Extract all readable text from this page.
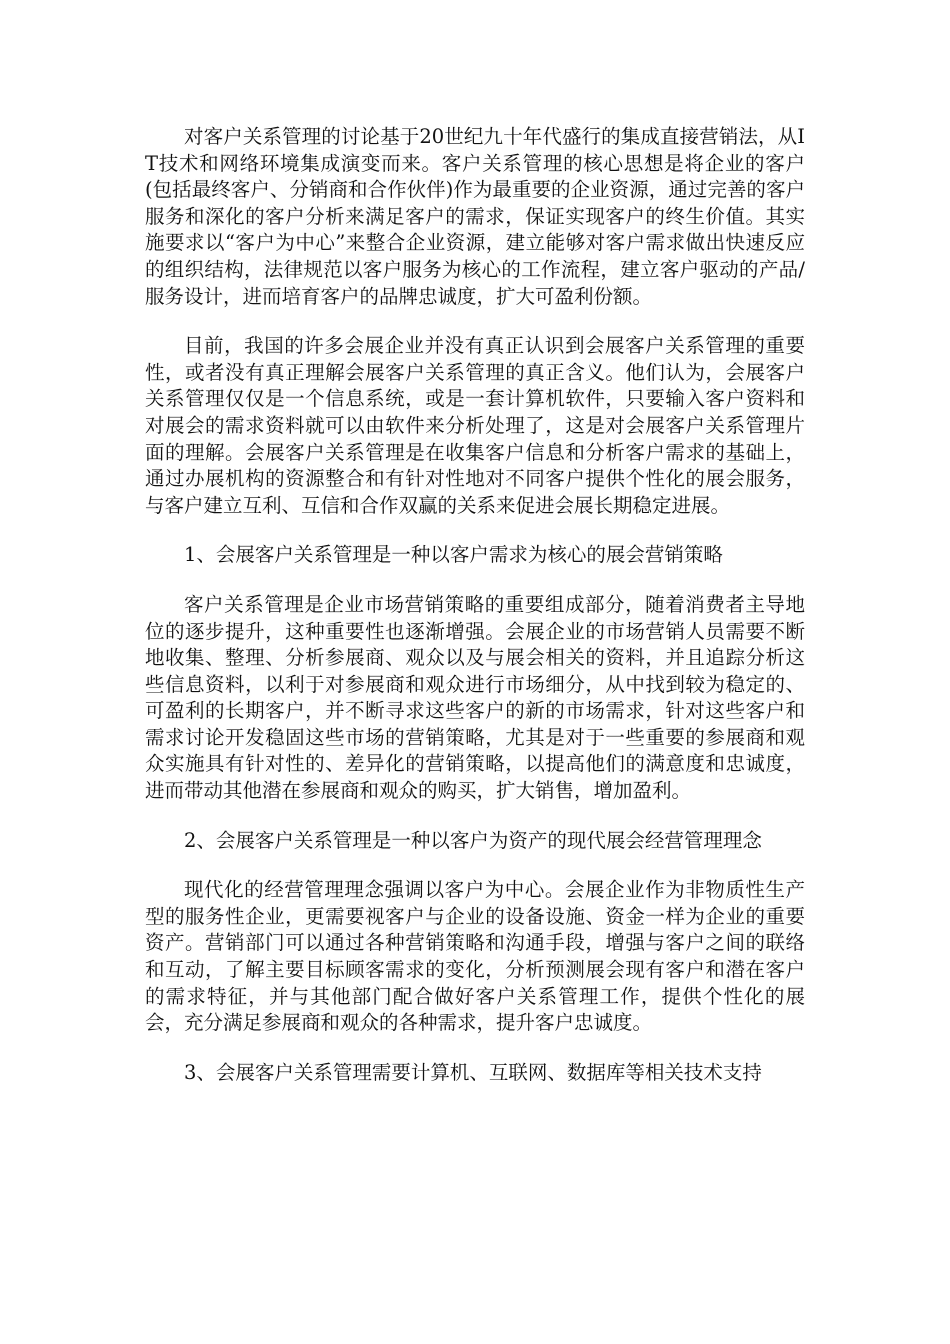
对客户关系管理的讨论基于20世纪九十年代盛行的集成直接营销法，从IT技术和网络环境集成演变而来。客户关系管理的核心思想是将企业的客户(包括最终客户、分销商和合作伙伴)作为最重要的企业资源，通过完善的客户服务和深化的客户分析来满足客户的需求，保证实现客户的终生价值。其实施要求以“客户为中心”来整合企业资源，建立能够对客户需求做出快速反应的组织结构，法律规范以客户服务为核心的工作流程，建立客户驱动的产品/服务设计，进而培育客户的品牌忠诚度，扩大可盈利份额。

目前，我国的许多会展企业并没有真正认识到会展客户关系管理的重要性，或者没有真正理解会展客户关系管理的真正含义。他们认为，会展客户关系管理仅仅是一个信息系统，或是一套计算机软件，只要输入客户资料和对展会的需求资料就可以由软件来分析处理了，这是对会展客户关系管理片面的理解。会展客户关系管理是在收集客户信息和分析客户需求的基础上，通过办展机构的资源整合和有针对性地对不同客户提供个性化的展会服务，与客户建立互利、互信和合作双赢的关系来促进会展长期稳定进展。

1、会展客户关系管理是一种以客户需求为核心的展会营销策略

客户关系管理是企业市场营销策略的重要组成部分，随着消费者主导地位的逐步提升，这种重要性也逐渐增强。会展企业的市场营销人员需要不断地收集、整理、分析参展商、观众以及与展会相关的资料，并且追踪分析这些信息资料，以利于对参展商和观众进行市场细分，从中找到较为稳定的、可盈利的长期客户，并不断寻求这些客户的新的市场需求，针对这些客户和需求讨论开发稳固这些市场的营销策略，尤其是对于一些重要的参展商和观众实施具有针对性的、差异化的营销策略，以提高他们的满意度和忠诚度，进而带动其他潜在参展商和观众的购买，扩大销售，增加盈利。

2、会展客户关系管理是一种以客户为资产的现代展会经营管理理念

现代化的经营管理理念强调以客户为中心。会展企业作为非物质性生产型的服务性企业，更需要视客户与企业的设备设施、资金一样为企业的重要资产。营销部门可以通过各种营销策略和沟通手段，增强与客户之间的联络和互动，了解主要目标顾客需求的变化，分析预测展会现有客户和潜在客户的需求特征，并与其他部门配合做好客户关系管理工作，提供个性化的展会，充分满足参展商和观众的各种需求，提升客户忠诚度。

3、会展客户关系管理需要计算机、互联网、数据库等相关技术支持
